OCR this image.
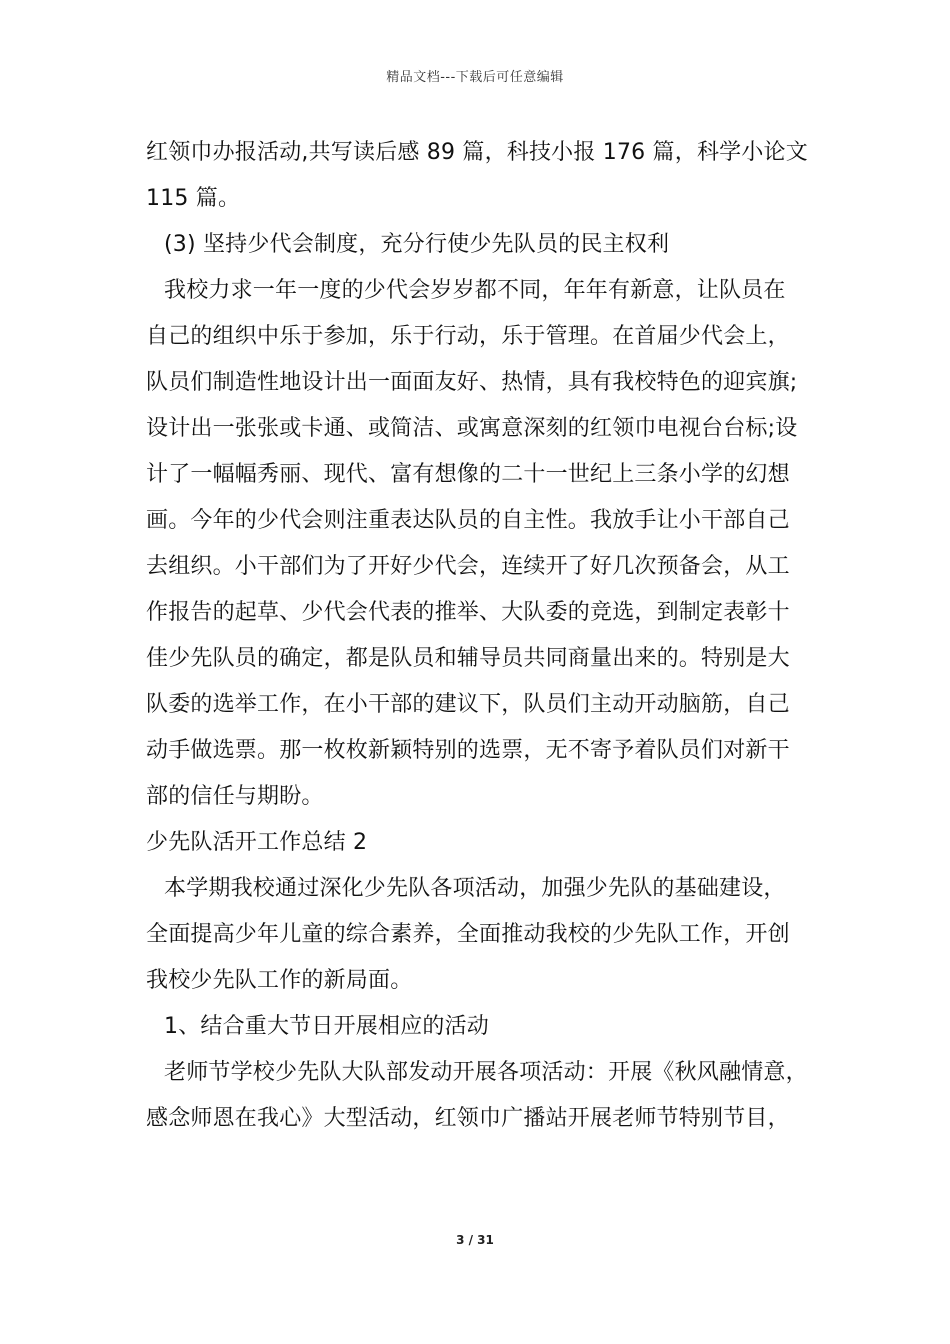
精品文档---下载后可任意编辑
红领巾办报活动,共写读后感 89 篇，科技小报 176 篇，科学小论文
115 篇。
(3) 坚持少代会制度，充分行使少先队员的民主权利
我校力求一年一度的少代会岁岁都不同，年年有新意，让队员在
自己的组织中乐于参加，乐于行动，乐于管理。在首届少代会上，
队员们制造性地设计出一面面友好、热情，具有我校特色的迎宾旗;
设计出一张张或卡通、或简洁、或寓意深刻的红领巾电视台台标;设
计了一幅幅秀丽、现代、富有想像的二十一世纪上三条小学的幻想
画。今年的少代会则注重表达队员的自主性。我放手让小干部自己
去组织。小干部们为了开好少代会，连续开了好几次预备会，从工
作报告的起草、少代会代表的推举、大队委的竞选，到制定表彰十
佳少先队员的确定，都是队员和辅导员共同商量出来的。特别是大
队委的选举工作，在小干部的建议下，队员们主动开动脑筋，自己
动手做选票。那一枚枚新颖特别的选票，无不寄予着队员们对新干
部的信任与期盼。
少先队活开工作总结 2
本学期我校通过深化少先队各项活动，加强少先队的基础建设，
全面提高少年儿童的综合素养，全面推动我校的少先队工作，开创
我校少先队工作的新局面。
1、结合重大节日开展相应的活动
老师节学校少先队大队部发动开展各项活动：开展《秋风融情意，
感念师恩在我心》大型活动，红领巾广播站开展老师节特别节目，
3 / 31
